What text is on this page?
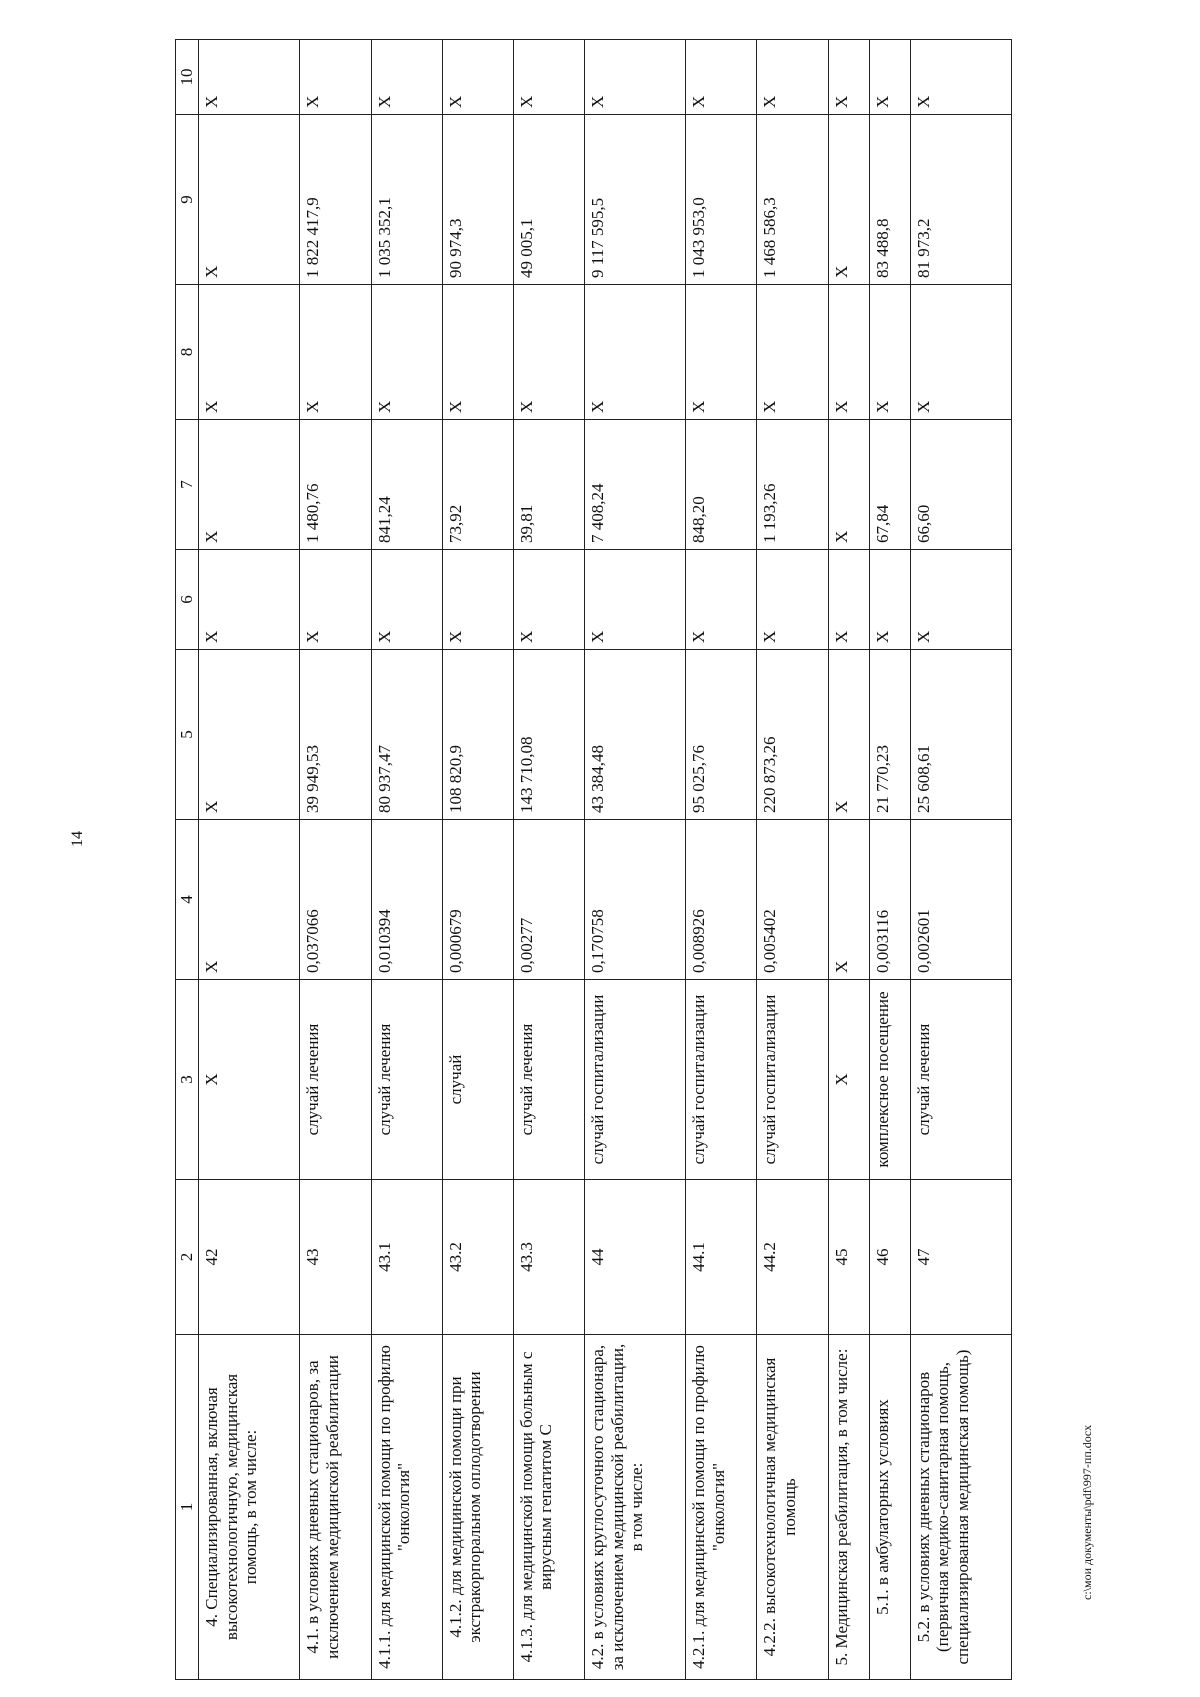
14
1	2	3	4	5	6	7	8	9	10
4. Специализированная, включая высокотехнологичную, медицинская помощь, в том числе:	42	Х	Х	Х	Х	Х	Х	Х	Х
4.1. в условиях дневных стационаров, за исключением медицинской реабилитации	43	случай лечения	0,037066	39 949,53	Х	1 480,76	Х	1 822 417,9	Х
4.1.1. для медицинской помощи по профилю "онкология"	43.1	случай лечения	0,010394	80 937,47	Х	841,24	Х	1 035 352,1	Х
4.1.2. для медицинской помощи при экстракорпоральном оплодотворении	43.2	случай	0,000679	108 820,9	Х	73,92	Х	90 974,3	Х
4.1.3. для медицинской помощи больным с вирусным гепатитом С	43.3	случай лечения	0,00277	143 710,08	Х	39,81	Х	49 005,1	Х
4.2. в условиях круглосуточного стационара, за исключением медицинской реабилитации, в том числе:	44	случай госпитализации	0,170758	43 384,48	Х	7 408,24	Х	9 117 595,5	Х
4.2.1. для медицинской помощи по профилю "онкология"	44.1	случай госпитализации	0,008926	95 025,76	Х	848,20	Х	1 043 953,0	Х
4.2.2. высокотехнологичная медицинская помощь	44.2	случай госпитализации	0,005402	220 873,26	Х	1 193,26	Х	1 468 586,3	Х
5. Медицинская реабилитация, в том числе:	45	Х	Х	Х	Х	Х	Х	Х	Х
5.1. в амбулаторных условиях	46	комплексное посещение	0,003116	21 770,23	Х	67,84	Х	83 488,8	Х
5.2. в условиях дневных стационаров (первичная медико-санитарная помощь, специализированная медицинская помощь)	47	случай лечения	0,002601	25 608,61	Х	66,60	Х	81 973,2	Х
c:\мои документы\pdf\997-пп.docx
